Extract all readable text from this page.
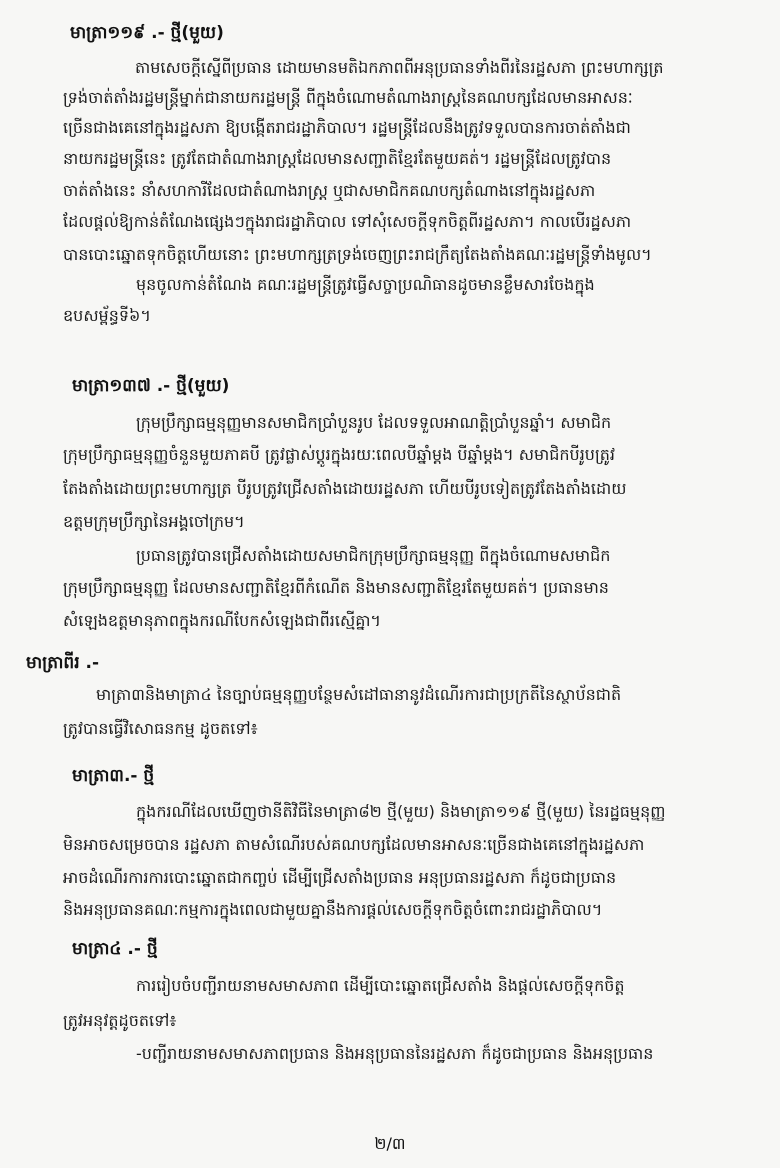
មាត្រា១១៩ .- ថ្មី(មួយ)
តាមសេចក្តីស្នើពីប្រធាន ដោយមានមតិឯកភាពពីអនុប្រធានទាំងពីរនៃរដ្ឋសភា ព្រះមហាក្សត្រ
ទ្រង់ចាត់តាំងរដ្ឋមន្ត្រីម្នាក់ជានាយករដ្ឋមន្ត្រី ពីក្នុងចំណោមតំណាងរាស្ត្រនៃគណបក្សដែលមានអាសនៈ
ច្រើនជាងគេនៅក្នុងរដ្ឋសភា ឱ្យបង្កើតរាជរដ្ឋាភិបាល។ រដ្ឋមន្ត្រីដែលនឹងត្រូវទទួលបានការចាត់តាំងជា
នាយករដ្ឋមន្ត្រីនេះ ត្រូវតែជាតំណាងរាស្ត្រដែលមានសញ្ជាតិខ្មែរតែមួយគត់។ រដ្ឋមន្ត្រីដែលត្រូវបាន
ចាត់តាំងនេះ នាំសហការីដែលជាតំណាងរាស្ត្រ ឬជាសមាជិកគណបក្សតំណាងនៅក្នុងរដ្ឋសភា
ដែលផ្តល់ឱ្យកាន់តំណែងផ្សេងៗក្នុងរាជរដ្ឋាភិបាល ទៅសុំសេចក្តីទុកចិត្តពីរដ្ឋសភា។ កាលបើរដ្ឋសភា
បានបោះឆ្នោតទុកចិត្តហើយនោះ ព្រះមហាក្សត្រទ្រង់ចេញព្រះរាជក្រឹត្យតែងតាំងគណៈរដ្ឋមន្ត្រីទាំងមូល។
មុនចូលកាន់តំណែង គណៈរដ្ឋមន្ត្រីត្រូវធ្វើសច្ចាប្រណិធានដូចមានខ្លឹមសារចែងក្នុង
ឧបសម្ព័ន្ធទី៦។
មាត្រា១៣៧ .- ថ្មី(មួយ)
ក្រុមប្រឹក្សាធម្មនុញ្ញមានសមាជិកប្រាំបួនរូប ដែលទទួលអាណត្តិប្រាំបួនឆ្នាំ។ សមាជិក
ក្រុមប្រឹក្សាធម្មនុញ្ញចំនួនមួយភាគបី ត្រូវផ្លាស់ប្តូរក្នុងរយៈពេលបីឆ្នាំម្តង បីឆ្នាំម្តង។ សមាជិកបីរូបត្រូវ
តែងតាំងដោយព្រះមហាក្សត្រ បីរូបត្រូវជ្រើសតាំងដោយរដ្ឋសភា ហើយបីរូបទៀតត្រូវតែងតាំងដោយ
ឧត្តមក្រុមប្រឹក្សានៃអង្គចៅក្រម។
ប្រធានត្រូវបានជ្រើសតាំងដោយសមាជិកក្រុមប្រឹក្សាធម្មនុញ្ញ ពីក្នុងចំណោមសមាជិក
ក្រុមប្រឹក្សាធម្មនុញ្ញ ដែលមានសញ្ជាតិខ្មែរពីកំណើត និងមានសញ្ជាតិខ្មែរតែមួយគត់។ ប្រធានមាន
សំឡេងឧត្តមានុភាពក្នុងករណីបែកសំឡេងជាពីរស្មើគ្នា។
មាត្រាពីរ .-
មាត្រា៣និងមាត្រា៤ នៃច្បាប់ធម្មនុញ្ញបន្ថែមសំដៅធានានូវដំណើរការជាប្រក្រតីនៃស្ថាប័នជាតិ
ត្រូវបានធ្វើវិសោធនកម្ម ដូចតទៅ៖
មាត្រា៣.- ថ្មី
ក្នុងករណីដែលឃើញថានីតិវិធីនៃមាត្រា៨២ ថ្មី(មួយ) និងមាត្រា១១៩ ថ្មី(មួយ) នៃរដ្ឋធម្មនុញ្ញ
មិនអាចសម្រេចបាន រដ្ឋសភា តាមសំណើរបស់គណបក្សដែលមានអាសនៈច្រើនជាងគេនៅក្នុងរដ្ឋសភា
អាចដំណើរការការបោះឆ្នោតជាកញ្ចប់ ដើម្បីជ្រើសតាំងប្រធាន អនុប្រធានរដ្ឋសភា ក៏ដូចជាប្រធាន
និងអនុប្រធានគណៈកម្មការក្នុងពេលជាមួយគ្នានឹងការផ្តល់សេចក្តីទុកចិត្តចំពោះរាជរដ្ឋាភិបាល។
មាត្រា៤ .- ថ្មី
ការរៀបចំបញ្ជីរាយនាមសមាសភាព ដើម្បីបោះឆ្នោតជ្រើសតាំង និងផ្តល់សេចក្តីទុកចិត្ត
ត្រូវអនុវត្តដូចតទៅ៖
-បញ្ជីរាយនាមសមាសភាពប្រធាន និងអនុប្រធាននៃរដ្ឋសភា ក៏ដូចជាប្រធាន និងអនុប្រធាន
២/៣
